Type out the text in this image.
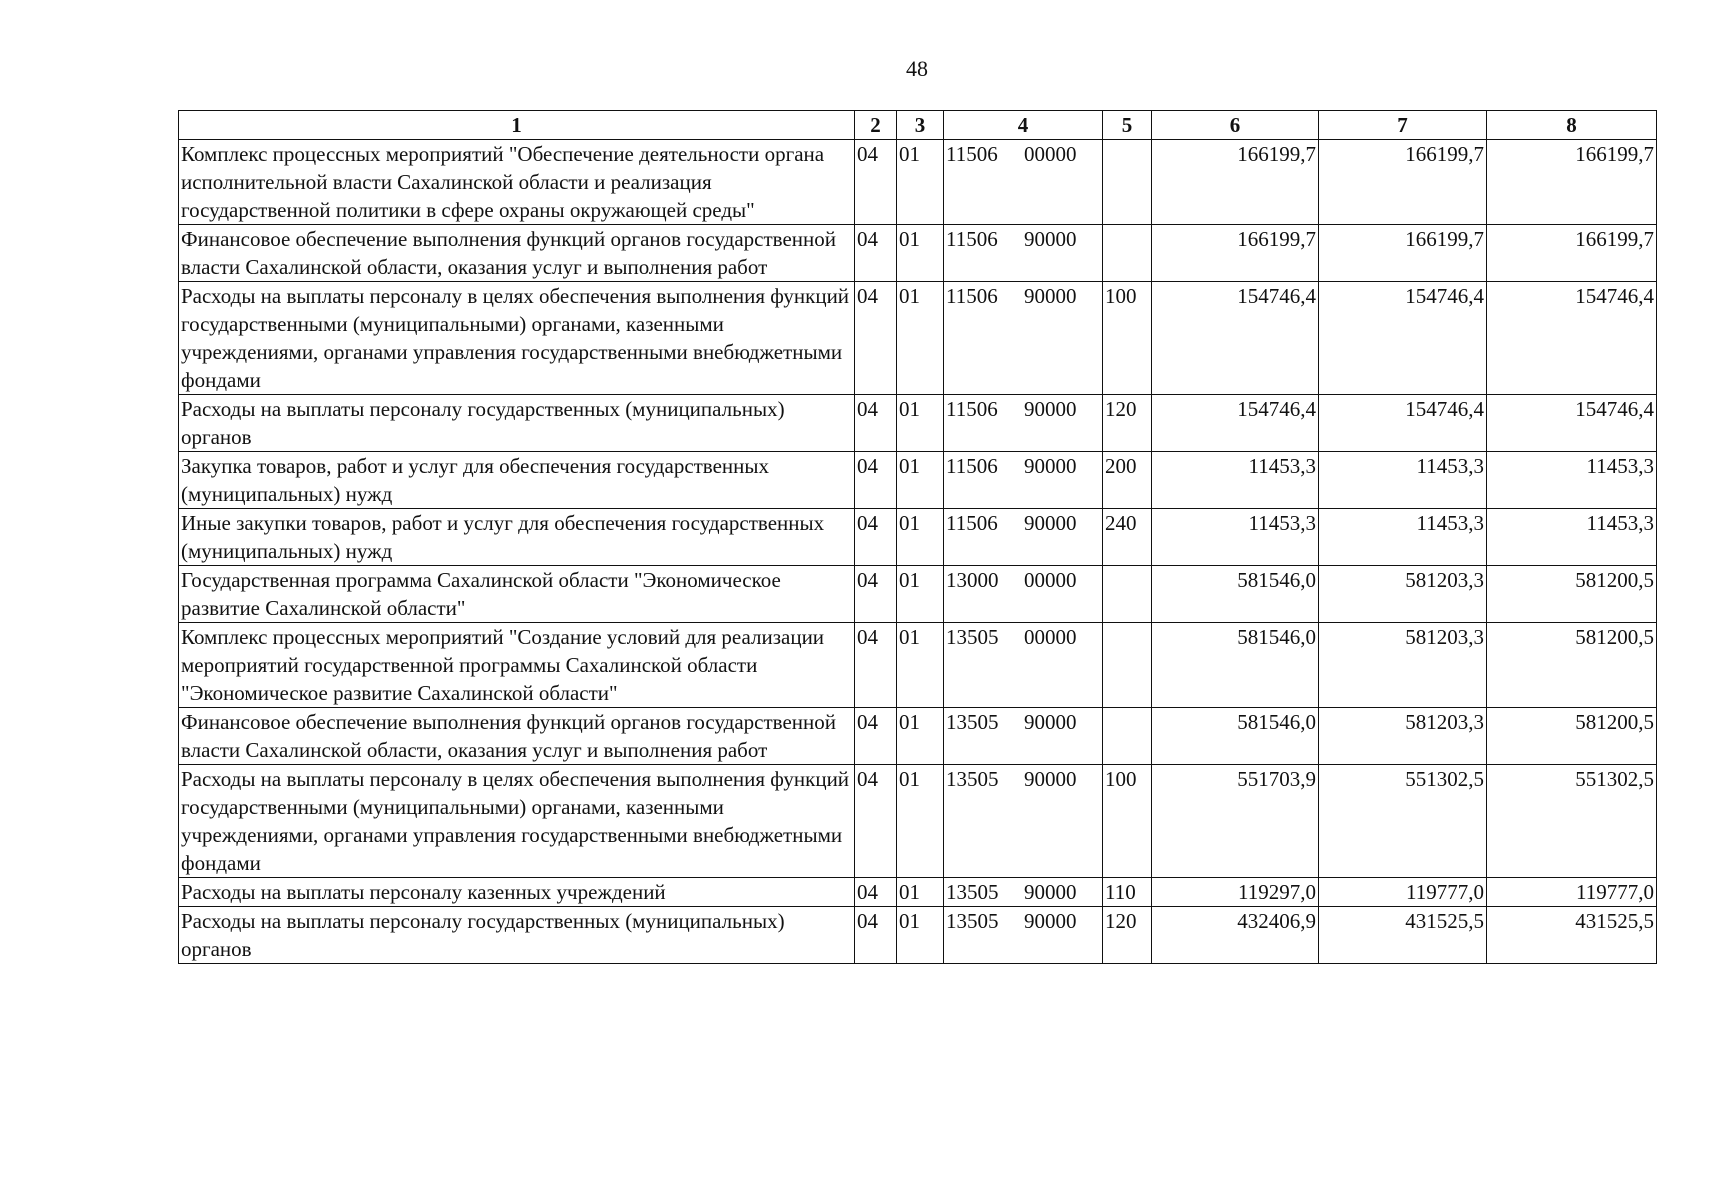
48
1	2	3	4	5	6	7	8
Комплекс процессных мероприятий "Обеспечение деятельности органа исполнительной власти Сахалинской области и реализация государственной политики в сфере охраны окружающей среды"	04	01	11506 00000		166199,7	166199,7	166199,7
Финансовое обеспечение выполнения функций органов государственной власти Сахалинской области, оказания услуг и выполнения работ	04	01	11506 90000		166199,7	166199,7	166199,7
Расходы на выплаты персоналу в целях обеспечения выполнения функций государственными (муниципальными) органами, казенными учреждениями, органами управления государственными внебюджетными фондами	04	01	11506 90000	100	154746,4	154746,4	154746,4
Расходы на выплаты персоналу государственных (муниципальных) органов	04	01	11506 90000	120	154746,4	154746,4	154746,4
Закупка товаров, работ и услуг для обеспечения государственных (муниципальных) нужд	04	01	11506 90000	200	11453,3	11453,3	11453,3
Иные закупки товаров, работ и услуг для обеспечения государственных (муниципальных) нужд	04	01	11506 90000	240	11453,3	11453,3	11453,3
Государственная программа Сахалинской области "Экономическое развитие Сахалинской области"	04	01	13000 00000		581546,0	581203,3	581200,5
Комплекс процессных мероприятий "Создание условий для реализации мероприятий государственной программы Сахалинской области "Экономическое развитие Сахалинской области"	04	01	13505 00000		581546,0	581203,3	581200,5
Финансовое обеспечение выполнения функций органов государственной власти Сахалинской области, оказания услуг и выполнения работ	04	01	13505 90000		581546,0	581203,3	581200,5
Расходы на выплаты персоналу в целях обеспечения выполнения функций государственными (муниципальными) органами, казенными учреждениями, органами управления государственными внебюджетными фондами	04	01	13505 90000	100	551703,9	551302,5	551302,5
Расходы на выплаты персоналу казенных учреждений	04	01	13505 90000	110	119297,0	119777,0	119777,0
Расходы на выплаты персоналу государственных (муниципальных) органов	04	01	13505 90000	120	432406,9	431525,5	431525,5
